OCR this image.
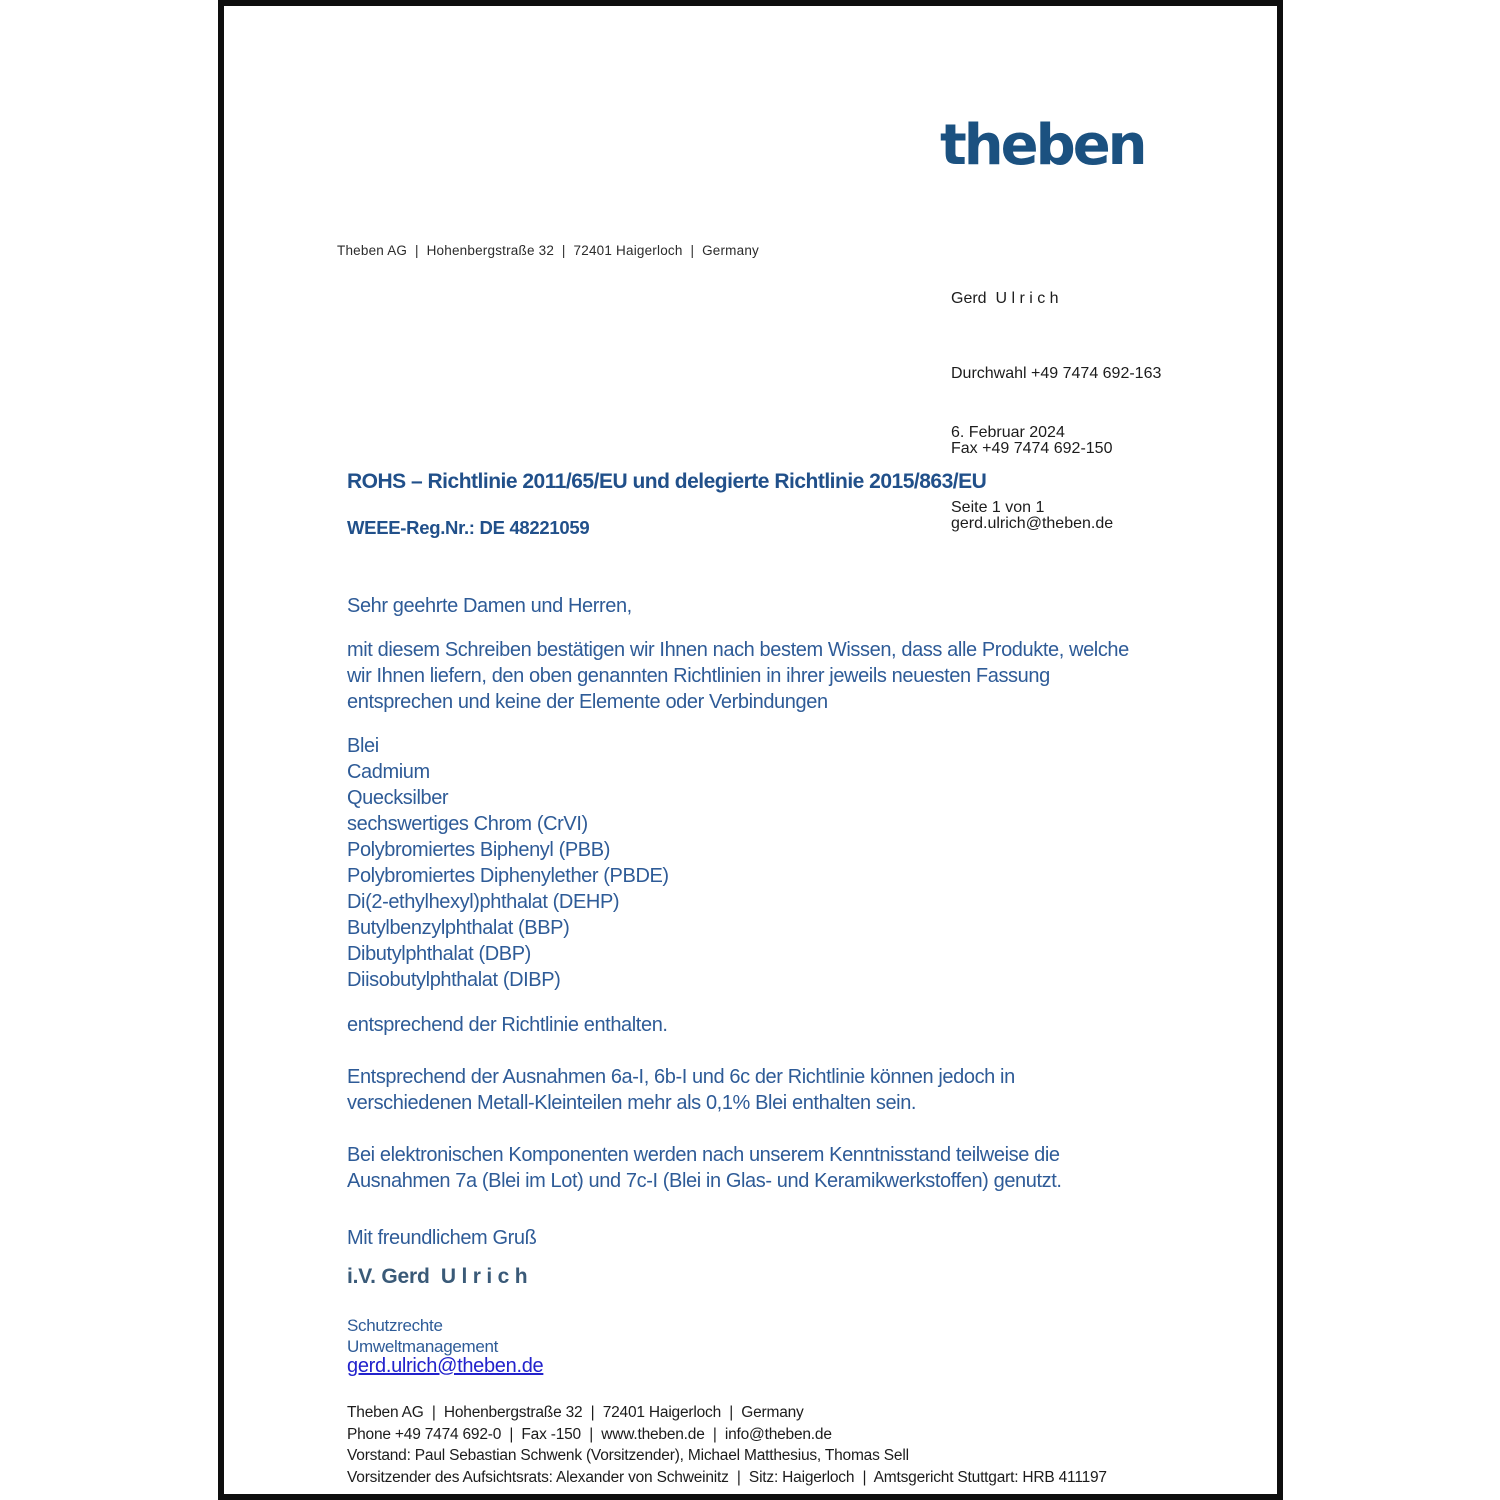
theben
Theben AG  |  Hohenbergstraße 32  |  72401 Haigerloch  |  Germany

Gerd  U l r i c h

Durchwahl +49 7474 692-163

Fax +49 7474 692-150

gerd.ulrich@theben.de

6. Februar 2024

Seite 1 von 1

ROHS – Richtlinie 2011/65/EU und delegierte Richtlinie 2015/863/EU
WEEE-Reg.Nr.: DE 48221059
Sehr geehrte Damen und Herren,
mit diesem Schreiben bestätigen wir Ihnen nach bestem Wissen, dass alle Produkte, welche
wir Ihnen liefern, den oben genannten Richtlinien in ihrer jeweils neuesten Fassung
entsprechen und keine der Elemente oder Verbindungen
Blei
Cadmium
Quecksilber
sechswertiges Chrom (CrVI)
Polybromiertes Biphenyl (PBB)
Polybromiertes Diphenylether (PBDE)
Di(2-ethylhexyl)phthalat (DEHP)
Butylbenzylphthalat (BBP)
Dibutylphthalat (DBP)
Diisobutylphthalat (DIBP)
entsprechend der Richtlinie enthalten.
Entsprechend der Ausnahmen 6a-I, 6b-I und 6c der Richtlinie können jedoch in
verschiedenen Metall-Kleinteilen mehr als 0,1% Blei enthalten sein.
Bei elektronischen Komponenten werden nach unserem Kenntnisstand teilweise die
Ausnahmen 7a (Blei im Lot) und 7c-I (Blei in Glas- und Keramikwerkstoffen) genutzt.
Mit freundlichem Gruß
i.V. Gerd  U l r i c h
Schutzrechte
Umweltmanagement
gerd.ulrich@theben.de
Theben AG  |  Hohenbergstraße 32  |  72401 Haigerloch  |  Germany
Phone +49 7474 692-0  |  Fax -150  |  www.theben.de  |  info@theben.de
Vorstand: Paul Sebastian Schwenk (Vorsitzender), Michael Matthesius, Thomas Sell
Vorsitzender des Aufsichtsrats: Alexander von Schweinitz  |  Sitz: Haigerloch  |  Amtsgericht Stuttgart: HRB 411197
